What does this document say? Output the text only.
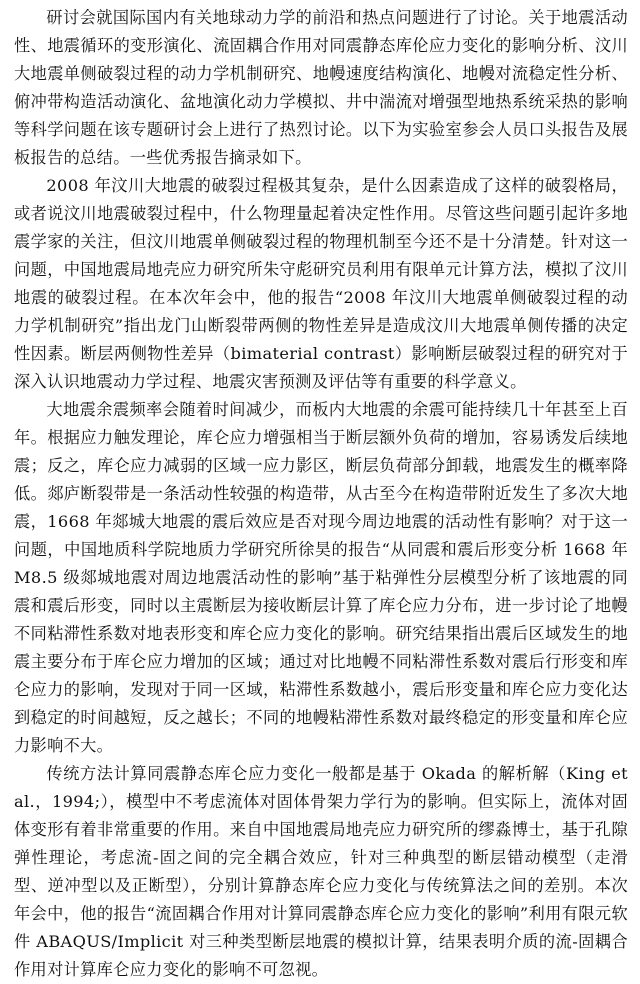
研讨会就国际国内有关地球动力学的前沿和热点问题进行了讨论。关于地震活动性、地震循环的变形演化、流固耦合作用对同震静态库伦应力变化的影响分析、汶川大地震单侧破裂过程的动力学机制研究、地幔速度结构演化、地幔对流稳定性分析、俯冲带构造活动演化、盆地演化动力学模拟、井中湍流对增强型地热系统采热的影响等科学问题在该专题研讨会上进行了热烈讨论。以下为实验室参会人员口头报告及展板报告的总结。一些优秀报告摘录如下。

2008 年汶川大地震的破裂过程极其复杂，是什么因素造成了这样的破裂格局，或者说汶川地震破裂过程中，什么物理量起着决定性作用。尽管这些问题引起许多地震学家的关注，但汶川地震单侧破裂过程的物理机制至今还不是十分清楚。针对这一问题，中国地震局地壳应力研究所朱守彪研究员利用有限单元计算方法，模拟了汶川地震的破裂过程。在本次年会中，他的报告“2008 年汶川大地震单侧破裂过程的动力学机制研究”指出龙门山断裂带两侧的物性差异是造成汶川大地震单侧传播的决定性因素。断层两侧物性差异（bimaterial contrast）影响断层破裂过程的研究对于深入认识地震动力学过程、地震灾害预测及评估等有重要的科学意义。

大地震余震频率会随着时间减少，而板内大地震的余震可能持续几十年甚至上百年。根据应力触发理论，库仑应力增强相当于断层额外负荷的增加，容易诱发后续地震；反之，库仑应力减弱的区域一应力影区，断层负荷部分卸载，地震发生的概率降低。郯庐断裂带是一条活动性较强的构造带，从古至今在构造带附近发生了多次大地震，1668 年郯城大地震的震后效应是否对现今周边地震的活动性有影响？对于这一问题，中国地质科学院地质力学研究所徐昊的报告“从同震和震后形变分析 1668 年 M8.5 级郯城地震对周边地震活动性的影响”基于粘弹性分层模型分析了该地震的同震和震后形变，同时以主震断层为接收断层计算了库仑应力分布，进一步讨论了地幔不同粘滞性系数对地表形变和库仑应力变化的影响。研究结果指出震后区域发生的地震主要分布于库仑应力增加的区域；通过对比地幔不同粘滞性系数对震后行形变和库仑应力的影响，发现对于同一区域，粘滞性系数越小，震后形变量和库仑应力变化达到稳定的时间越短，反之越长；不同的地幔粘滞性系数对最终稳定的形变量和库仑应力影响不大。

传统方法计算同震静态库仑应力变化一般都是基于 Okada 的解析解（King et al.，1994;），模型中不考虑流体对固体骨架力学行为的影响。但实际上，流体对固体变形有着非常重要的作用。来自中国地震局地壳应力研究所的缪淼博士，基于孔隙弹性理论，考虑流-固之间的完全耦合效应，针对三种典型的断层错动模型（走滑型、逆冲型以及正断型），分别计算静态库仑应力变化与传统算法之间的差别。本次年会中，他的报告“流固耦合作用对计算同震静态库仑应力变化的影响”利用有限元软件 ABAQUS/Implicit 对三种类型断层地震的模拟计算，结果表明介质的流-固耦合作用对计算库仑应力变化的影响不可忽视。
